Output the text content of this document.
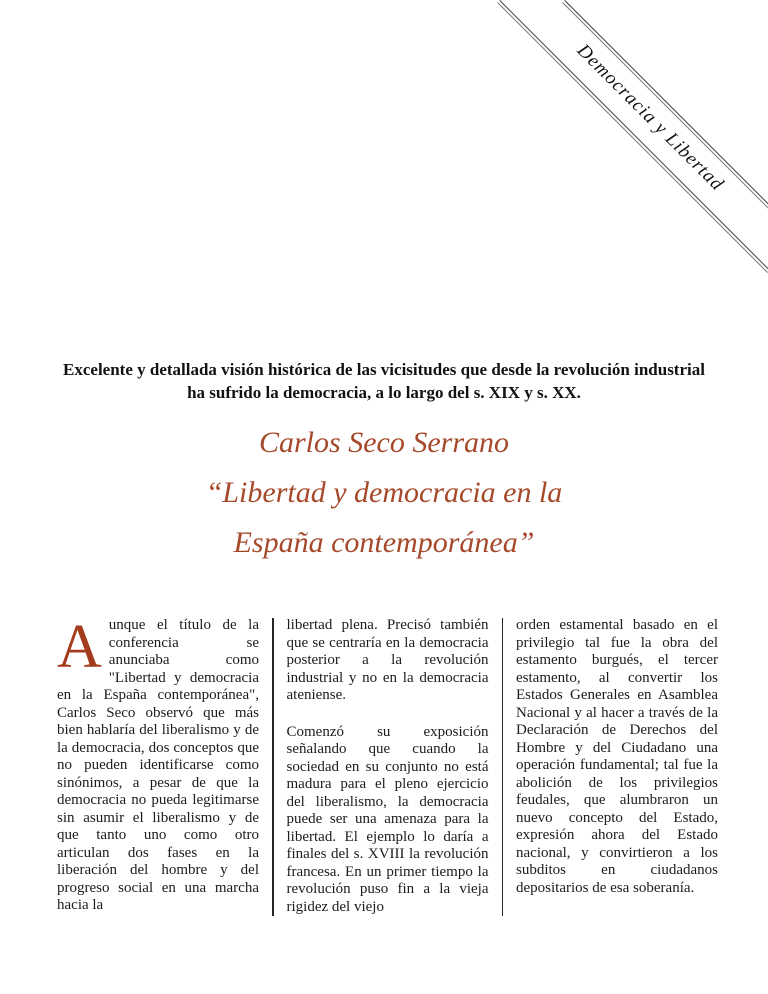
Democracia y Libertad
Excelente y detallada visión histórica de las vicisitudes que desde la revolución industrial ha sufrido la democracia, a lo largo del s. XIX y s. XX.
Carlos Seco Serrano
“Libertad y democracia en la
España contemporánea”

Aunque el título de la conferencia se anunciaba como "Libertad y democracia en la España contemporánea", Carlos Seco observó que más bien hablaría del liberalismo y de la democracia, dos conceptos que no pueden identificarse como sinónimos, a pesar de que la democracia no pueda legitimarse sin asumir el liberalismo y de que tanto uno como otro articulan dos fases en la liberación del hombre y del progreso social en una marcha hacia la

libertad plena. Precisó también que se centraría en la democracia posterior a la revolución industrial y no en la democracia ateniense.

Comenzó su exposición señalando que cuando la sociedad en su conjunto no está madura para el pleno ejercicio del liberalismo, la democracia puede ser una amenaza para la libertad. El ejemplo lo daría a finales del s. XVIII la revolución francesa. En un primer tiempo la revolución puso fin a la vieja rigidez del viejo

orden estamental basado en el privilegio tal fue la obra del estamento burgués, el tercer estamento, al convertir los Estados Generales en Asamblea Nacional y al hacer a través de la Declaración de Derechos del Hombre y del Ciudadano una operación fundamental; tal fue la abolición de los privilegios feudales, que alumbraron un nuevo concepto del Estado, expresión ahora del Estado nacional, y convirtieron a los subditos en ciudadanos depositarios de esa soberanía.
